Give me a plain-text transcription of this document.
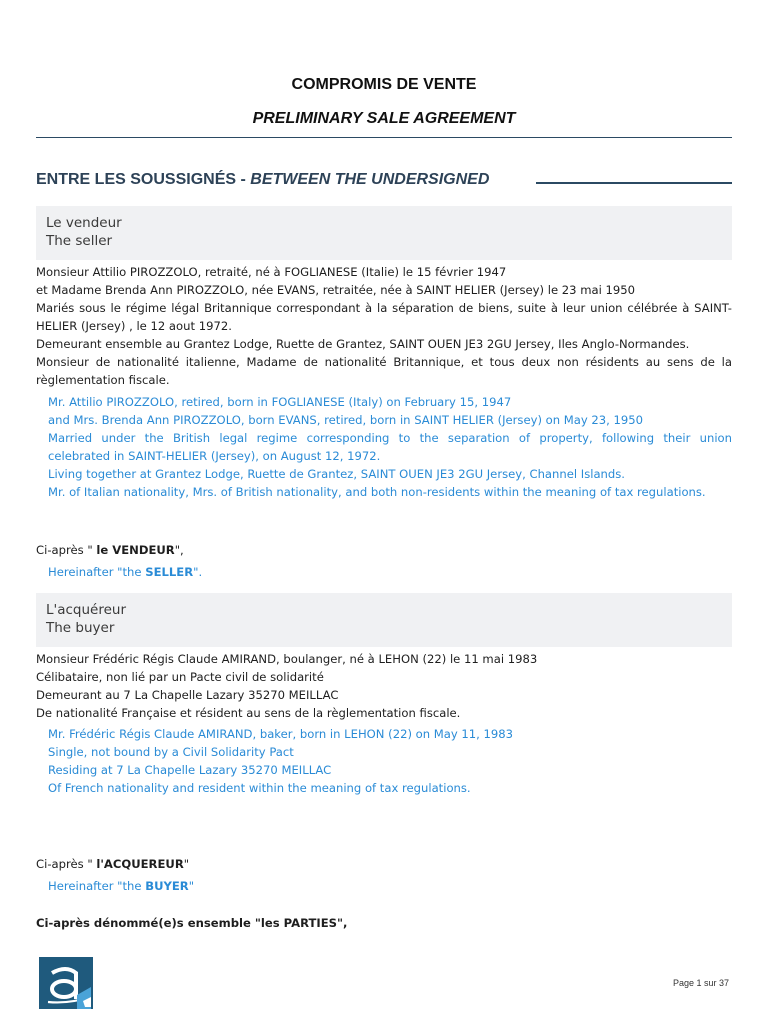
COMPROMIS DE VENTE
PRELIMINARY SALE AGREEMENT
ENTRE LES SOUSSIGNÉS - BETWEEN THE UNDERSIGNED
Le vendeur
The seller
Monsieur Attilio PIROZZOLO, retraité, né à FOGLIANESE (Italie) le 15 février 1947
et Madame Brenda Ann PIROZZOLO, née EVANS, retraitée, née à SAINT HELIER (Jersey) le 23 mai 1950
Mariés sous le régime légal Britannique correspondant à la séparation de biens, suite à leur union célébrée à SAINT-
HELIER (Jersey) , le 12 aout 1972.
Demeurant ensemble au Grantez Lodge, Ruette de Grantez, SAINT OUEN JE3 2GU Jersey, Iles Anglo-Normandes.
Monsieur de nationalité italienne, Madame de nationalité Britannique, et tous deux non résidents au sens de la
règlementation fiscale.
Mr. Attilio PIROZZOLO, retired, born in FOGLIANESE (Italy) on February 15, 1947
and Mrs. Brenda Ann PIROZZOLO, born EVANS, retired, born in SAINT HELIER (Jersey) on May 23, 1950
Married under the British legal regime corresponding to the separation of property, following their union
celebrated in SAINT-HELIER (Jersey), on August 12, 1972.
Living together at Grantez Lodge, Ruette de Grantez, SAINT OUEN JE3 2GU Jersey, Channel Islands.
Mr. of Italian nationality, Mrs. of British nationality, and both non-residents within the meaning of tax regulations.
Ci-après " le VENDEUR",
Hereinafter "the SELLER".
L'acquéreur
The buyer
Monsieur Frédéric Régis Claude AMIRAND, boulanger, né à LEHON (22) le 11 mai 1983
Célibataire, non lié par un Pacte civil de solidarité
Demeurant au 7 La Chapelle Lazary 35270 MEILLAC
De nationalité Française et résident au sens de la règlementation fiscale.
Mr. Frédéric Régis Claude AMIRAND, baker, born in LEHON (22) on May 11, 1983
Single, not bound by a Civil Solidarity Pact
Residing at 7 La Chapelle Lazary 35270 MEILLAC
Of French nationality and resident within the meaning of tax regulations.
Ci-après " l'ACQUEREUR"
Hereinafter "the BUYER"
Ci-après dénommé(e)s ensemble "les PARTIES",
Page 1 sur 37
